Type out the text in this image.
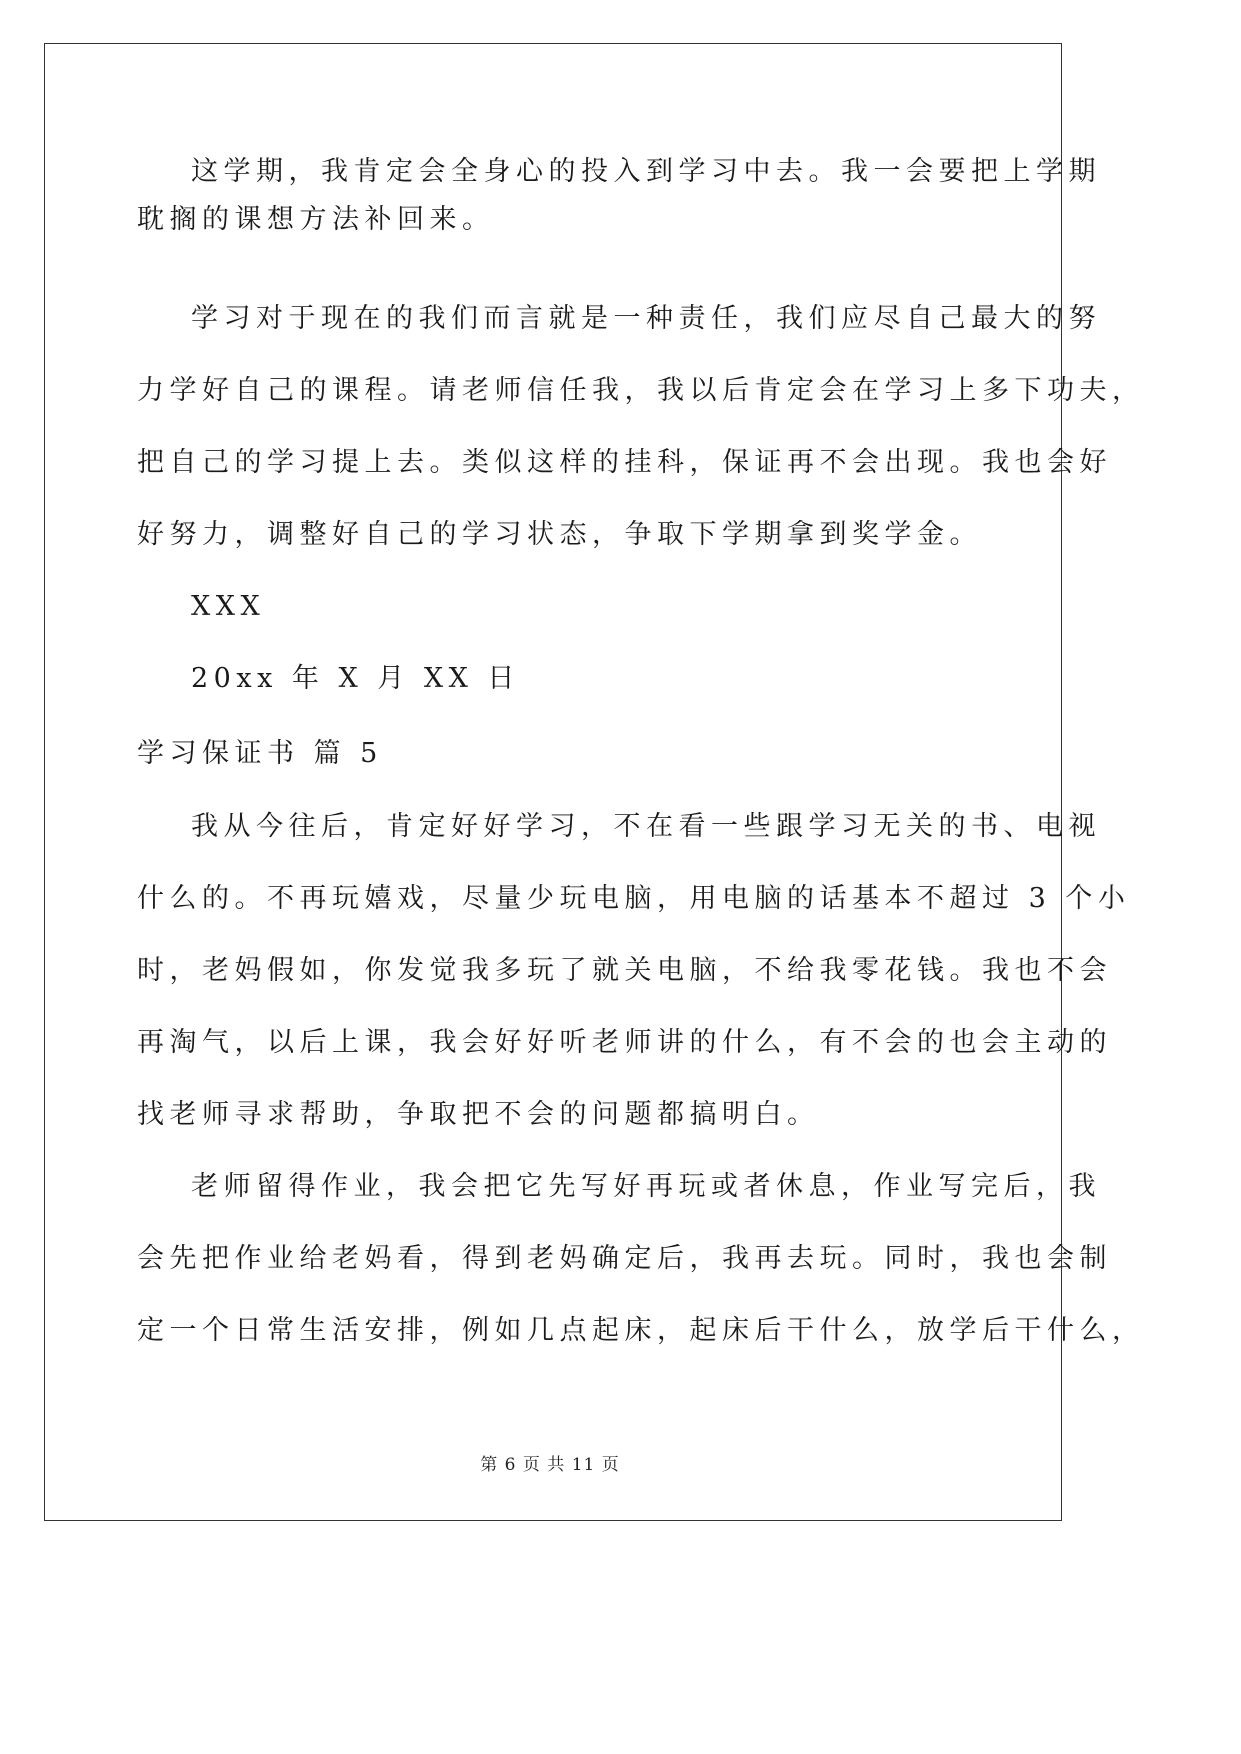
这学期，我肯定会全身心的投入到学习中去。我一会要把上学期
耽搁的课想方法补回来。
学习对于现在的我们而言就是一种责任，我们应尽自己最大的努
力学好自己的课程。请老师信任我，我以后肯定会在学习上多下功夫，
把自己的学习提上去。类似这样的挂科，保证再不会出现。我也会好
好努力，调整好自己的学习状态，争取下学期拿到奖学金。
XXX
20xx 年 X 月 XX 日
学习保证书 篇 5
我从今往后，肯定好好学习，不在看一些跟学习无关的书、电视
什么的。不再玩嬉戏，尽量少玩电脑，用电脑的话基本不超过 3 个小
时，老妈假如，你发觉我多玩了就关电脑，不给我零花钱。我也不会
再淘气，以后上课，我会好好听老师讲的什么，有不会的也会主动的
找老师寻求帮助，争取把不会的问题都搞明白。
老师留得作业，我会把它先写好再玩或者休息，作业写完后，我
会先把作业给老妈看，得到老妈确定后，我再去玩。同时，我也会制
定一个日常生活安排，例如几点起床，起床后干什么，放学后干什么，
第 6 页 共 11 页
